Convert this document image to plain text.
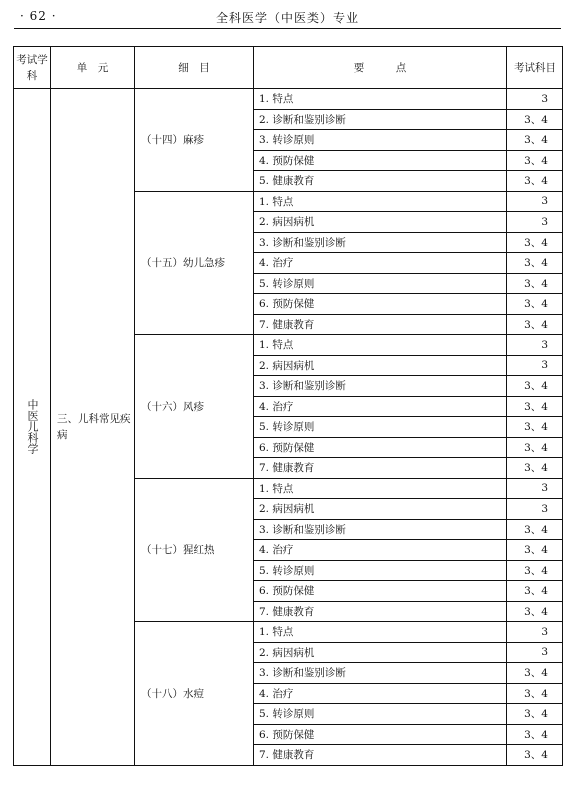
· 62 ·	全科医学（中医类）专业
考试学科	单　元	细　目	要　　　点	考试科目
中医儿科学	三、儿科常见疾病	（十四）麻疹	1. 特点	3
			2. 诊断和鉴别诊断	3、4
			3. 转诊原则	3、4
			4. 预防保健	3、4
			5. 健康教育	3、4
		（十五）幼儿急疹	1. 特点	3
			2. 病因病机	3
			3. 诊断和鉴别诊断	3、4
			4. 治疗	3、4
			5. 转诊原则	3、4
			6. 预防保健	3、4
			7. 健康教育	3、4
		（十六）风疹	1. 特点	3
			2. 病因病机	3
			3. 诊断和鉴别诊断	3、4
			4. 治疗	3、4
			5. 转诊原则	3、4
			6. 预防保健	3、4
			7. 健康教育	3、4
		（十七）猩红热	1. 特点	3
			2. 病因病机	3
			3. 诊断和鉴别诊断	3、4
			4. 治疗	3、4
			5. 转诊原则	3、4
			6. 预防保健	3、4
			7. 健康教育	3、4
		（十八）水痘	1. 特点	3
			2. 病因病机	3
			3. 诊断和鉴别诊断	3、4
			4. 治疗	3、4
			5. 转诊原则	3、4
			6. 预防保健	3、4
			7. 健康教育	3、4
